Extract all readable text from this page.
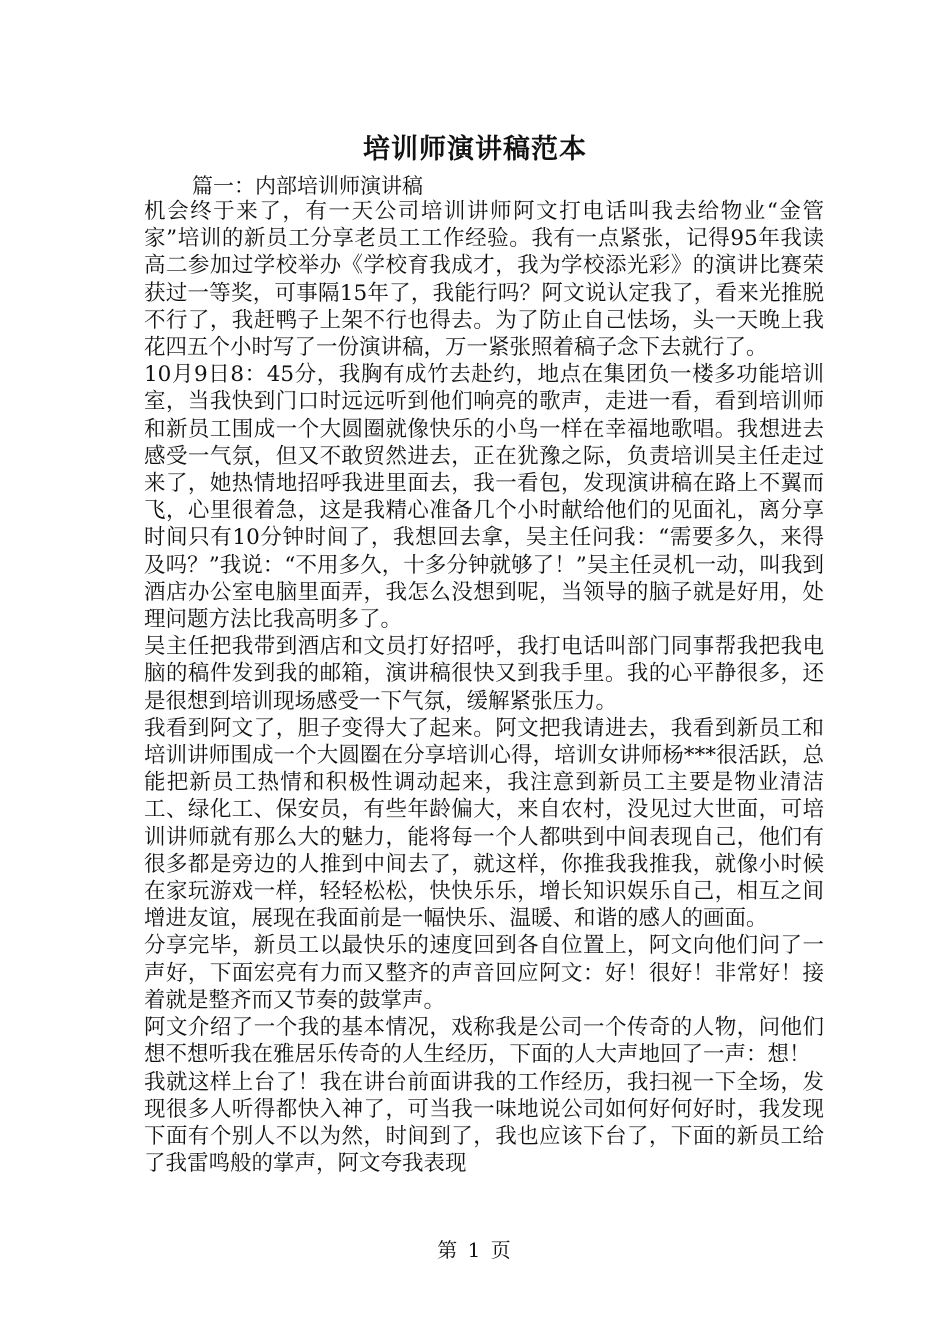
培训师演讲稿范本
篇一：内部培训师演讲稿

机会终于来了，有一天公司培训讲师阿文打电话叫我去给物业“金管家”培训的新员工分享老员工工作经验。我有一点紧张，记得95年我读高二参加过学校举办《学校育我成才，我为学校添光彩》的演讲比赛荣获过一等奖，可事隔15年了，我能行吗？阿文说认定我了，看来光推脱不行了，我赶鸭子上架不行也得去。为了防止自己怯场，头一天晚上我花四五个小时写了一份演讲稿，万一紧张照着稿子念下去就行了。

10月9日8：45分，我胸有成竹去赴约，地点在集团负一楼多功能培训室，当我快到门口时远远听到他们响亮的歌声，走进一看，看到培训师和新员工围成一个大圆圈就像快乐的小鸟一样在幸福地歌唱。我想进去感受一气氛，但又不敢贸然进去，正在犹豫之际，负责培训吴主任走过来了，她热情地招呼我进里面去，我一看包，发现演讲稿在路上不翼而飞，心里很着急，这是我精心准备几个小时献给他们的见面礼，离分享时间只有10分钟时间了，我想回去拿，吴主任问我：“需要多久，来得及吗？”我说：“不用多久，十多分钟就够了！”吴主任灵机一动，叫我到酒店办公室电脑里面弄，我怎么没想到呢，当领导的脑子就是好用，处理问题方法比我高明多了。

吴主任把我带到酒店和文员打好招呼，我打电话叫部门同事帮我把我电脑的稿件发到我的邮箱，演讲稿很快又到我手里。我的心平静很多，还是很想到培训现场感受一下气氛，缓解紧张压力。

我看到阿文了，胆子变得大了起来。阿文把我请进去，我看到新员工和培训讲师围成一个大圆圈在分享培训心得，培训女讲师杨***很活跃，总能把新员工热情和积极性调动起来，我注意到新员工主要是物业清洁工、绿化工、保安员，有些年龄偏大，来自农村，没见过大世面，可培训讲师就有那么大的魅力，能将每一个人都哄到中间表现自己，他们有很多都是旁边的人推到中间去了，就这样，你推我我推我，就像小时候在家玩游戏一样，轻轻松松，快快乐乐，增长知识娱乐自己，相互之间增进友谊，展现在我面前是一幅快乐、温暖、和谐的感人的画面。

分享完毕，新员工以最快乐的速度回到各自位置上，阿文向他们问了一声好，下面宏亮有力而又整齐的声音回应阿文：好！很好！非常好！接着就是整齐而又节奏的鼓掌声。

阿文介绍了一个我的基本情况，戏称我是公司一个传奇的人物，问他们想不想听我在雅居乐传奇的人生经历，下面的人大声地回了一声：想！

我就这样上台了！我在讲台前面讲我的工作经历，我扫视一下全场，发现很多人听得都快入神了，可当我一味地说公司如何好何好时，我发现下面有个别人不以为然，时间到了，我也应该下台了，下面的新员工给了我雷鸣般的掌声，阿文夸我表现

第 1 页
